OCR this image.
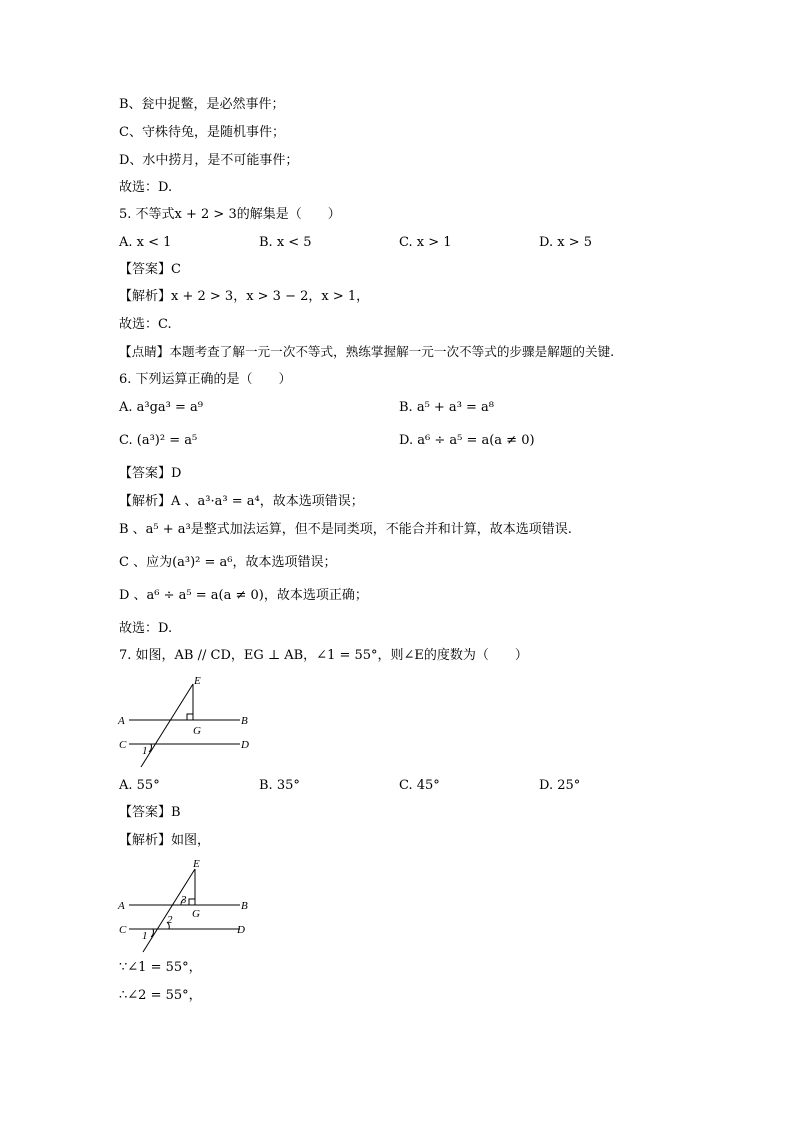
B、瓮中捉鳖，是必然事件；
C、守株待兔，是随机事件；
D、水中捞月，是不可能事件；
故选：D.
5. 不等式x + 2 > 3的解集是（　　）
A. x < 1	B. x < 5	C. x > 1	D. x > 5
【答案】C
【解析】x + 2 > 3，x > 3 − 2，x > 1，
故选：C.
【点睛】本题考查了解一元一次不等式，熟练掌握解一元一次不等式的步骤是解题的关键.
6. 下列运算正确的是（　　）
A. a³ga³ = a⁹	B. a⁵ + a³ = a⁸
C. (a³)² = a⁵	D. a⁶ ÷ a⁵ = a(a ≠ 0)
【答案】D
【解析】A 、a³·a³ = a⁴，故本选项错误；
B 、a⁵ + a³是整式加法运算，但不是同类项，不能合并和计算，故本选项错误.
C 、应为(a³)² = a⁶，故本选项错误；
D 、a⁶ ÷ a⁵ = a(a ≠ 0)，故本选项正确；
故选：D.
7. 如图，AB // CD，EG ⊥ AB，∠1 = 55°，则∠E的度数为（　　）
E
A	B
G
C	D
1
A. 55°	B. 35°	C. 45°	D. 25°
【答案】B
【解析】如图，
E
A	B
G
3
2
C	D
1
∵∠1 = 55°，
∴∠2 = 55°，
